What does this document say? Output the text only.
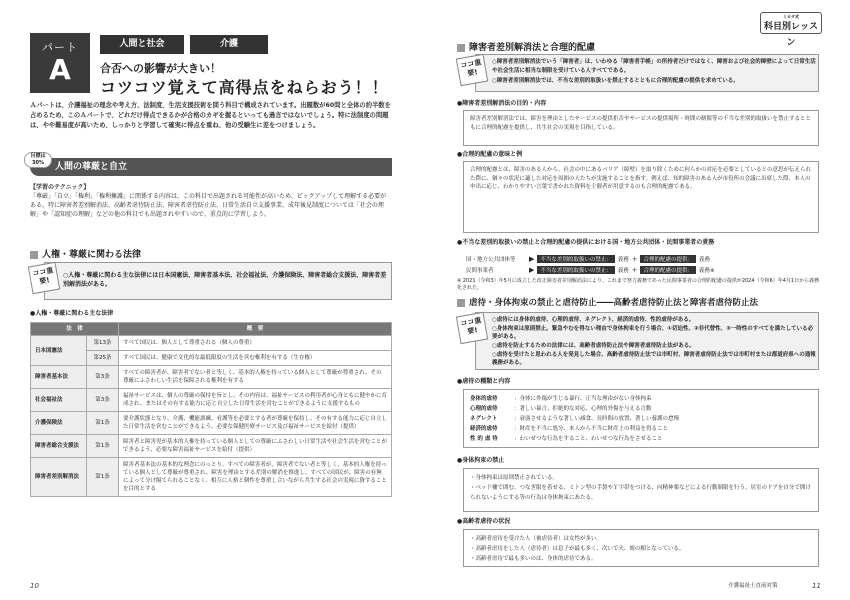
パート
A
人間と社会	介護
合否への影響が大きい！
コツコツ覚えて高得点をねらおう！！
Ａパートは、介護福祉の理念や考え方、法制度、生活支援技術を問う科目で構成されています。出題数が60問と全体の約半数を占めるため、このＡパートで、どれだけ得点できるかが合格のカギを握るといっても過言ではないでしょう。特に法制度の問題は、やや難易度が高いため、しっかりと学習して確実に得点を重ね、他の受験生に差をつけましょう。
人間の尊厳と自立
目標は30%
【学習のテクニック】
「尊厳」「自立」「権利」「権利擁護」に関係する内容は、この科目で出題される可能性が高いため、ピックアップして理解する必要がある。特に障害者差別解消法、高齢者虐待防止法、障害者虐待防止法、日常生活自立支援事業、成年後見制度については「社会の理解」や「認知症の理解」などの他の科目でも出題されやすいので、重点的に学習しよう。
人権・尊厳に関わる法律
○人権・尊厳に関わる主な法律には日本国憲法、障害者基本法、社会福祉法、介護保険法、障害者総合支援法、障害者差別解消法がある。
ココ重要!
●人権・尊厳に関わる主な法律
法　律		概　要
日本国憲法	第13条	すべて国民は、個人として尊重される（個人の尊重）
	第25条	すべて国民は、健康で文化的な最低限度の生活を営む権利を有する（生存権）
障害者基本法	第3条	すべての障害者が、障害者でない者と等しく、基本的人権を持っている個人として尊厳が尊重され、その尊厳にふさわしい生活を保障される権利を有する
社会福祉法	第3条	福祉サービスは、個人の尊厳の保持を旨とし、その内容は、福祉サービスの利用者が心身ともに健やかに育成され、またはその有する能力に応じ自立した日常生活を営むことができるように支援するもの
介護保険法	第1条	要介護状態となり、介護、機能訓練、看護等を必要とする者が尊厳を保持し、その有する能力に応じ自立した日常生活を営むことができるよう、必要な保健医療サービス及び福祉サービスを給付（提供）
障害者総合支援法	第1条	障害者と障害児が基本的人権を持っている個人としての尊厳にふさわしい日常生活や社会生活を営むことができるよう、必要な障害福祉サービスを給付（提供）
障害者差別解消法	第1条	障害者基本法の基本的な理念にのっとり、すべての障害者が、障害者でない者と等しく、基本的人権を持っている個人として尊厳が尊重され、障害を理由とする差別の解消を推進し、すべての国民が、障害の有無によって分け隔てられることなく、相互に人格と個性を尊重し合いながら共生する社会の実現に資することを目的とする
10
ミカタ式
科目別レッスン
障害者差別解消法と合理的配慮
○障害者差別解消法でいう「障害者」は、いわゆる「障害者手帳」の所持者だけではなく、障害および社会的障壁によって日常生活や社会生活に相当な制限を受けている人すべてである。
○障害者差別解消法では、不当な差別的取扱いを禁止するとともに合理的配慮の提供を求めている。
ココ重要!
●障害者差別解消法の目的・内容
障害者差別解消法では、障害を理由としたサービスの提供拒否やサービスの提供場所・時間の制限等の不当な差別的取扱いを禁止するとともに合理的配慮を提供し、共生社会の実現を目指している。
●合理的配慮の意味と例
合理的配慮とは、障害のある人から、社会の中にあるバリア（障壁）を取り除くために何らかの対応を必要としているとの意思が伝えられた際に、個々の状況に適した対応を周囲の人たちが実施することを指す。例えば、知的障害のある人が市役所の会議に出席した際、本人の申出に応じ、わかりやすい言葉で書かれた資料を主催者が用意するのも合理的配慮である。
●不当な差別的取扱いの禁止と合理的配慮の提供における国・地方公共団体・民間事業者の責務
国・地方公共団体等	▶	不当な差別的取扱いの禁止：	義務 ＋	合理的配慮の提供：	義務
民間事業者	▶	不当な差別的取扱いの禁止：	義務 ＋	合理的配慮の提供：	義務※
※ 2021（令和3）年5月に成立した改正障害者差別解消法により、これまで努力義務であった民間事業者の合理的配慮の提供が2024（令和6）年4月1日から義務化された。
虐待・身体拘束の禁止と虐待防止――高齢者虐待防止法と障害者虐待防止法
○虐待には身体的虐待、心理的虐待、ネグレクト、経済的虐待、性的虐待がある。
○身体拘束は原則禁止。緊急やむを得ない理由で身体拘束を行う場合、①切迫性、②非代替性、③一時性のすべてを満たしている必要がある。
○虐待を防止するための法律には、高齢者虐待防止法や障害者虐待防止法がある。
○虐待を受けたと思われる人を発見した場合、高齢者虐待防止法では市町村、障害者虐待防止法では市町村または都道府県への通報義務がある。
ココ重要!
●虐待の種類と内容
身体的虐待	：身体に外傷が生じる暴行、正当な理由がない身体拘束
心理的虐待	：著しい暴言、拒絶的な対応、心理的外傷を与える言動
ネグレクト	：衰弱させるような著しい減食、長時間の放置、著しい養護の怠慢
経済的虐待	：財産を不当に処分、本人から不当に財産上の利益を得ること
性 的 虐 待	：わいせつな行為をすること、わいせつな行為をさせること
●身体拘束の禁止
・身体拘束は原則禁止されている。
・ベッド柵で囲む、つなぎ服を着せる、ミトン型の手袋やＹ字帯をつける、向精神薬などによる行動制限を行う、居室のドアを自分で開けられないようにする等の行為は身体拘束にあたる。
●高齢者虐待の状況
・高齢者虐待を受けた人（被虐待者）は女性が多い。
・高齢者虐待をした人（虐待者）は息子が最も多く、次いで夫、娘の順となっている。
・高齢者虐待で最も多いのは、身体的虐待である。
介護福祉士直前対策	11
